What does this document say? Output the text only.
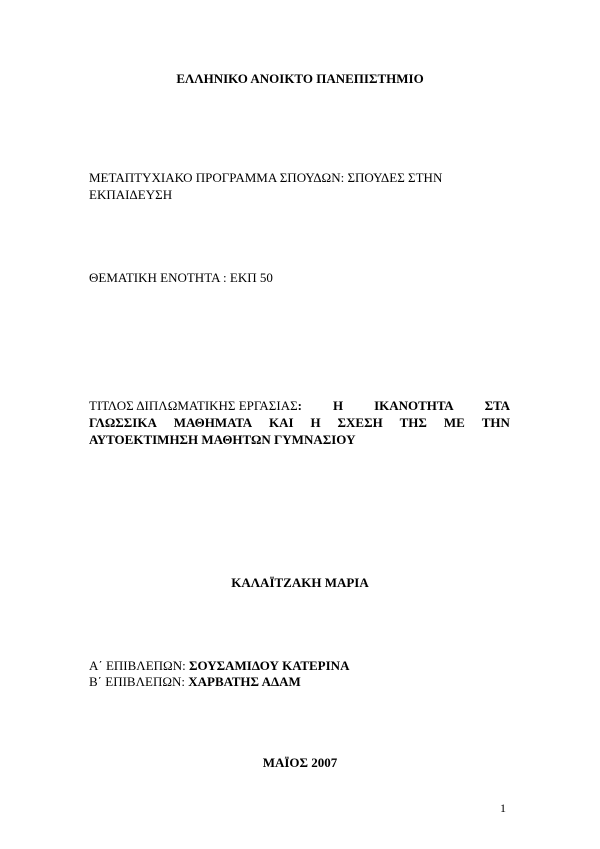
ΕΛΛΗΝΙΚΟ ΑΝΟΙΚΤΟ ΠΑΝΕΠΙΣΤΗΜΙΟ
ΜΕΤΑΠΤΥΧΙΑΚΟ ΠΡΟΓΡΑΜΜΑ ΣΠΟΥΔΩΝ: ΣΠΟΥΔΕΣ ΣΤΗΝ
ΕΚΠΑΙΔΕΥΣΗ
ΘΕΜΑΤΙΚΗ ΕΝΟΤΗΤΑ : ΕΚΠ 50
ΤΙΤΛΟΣ ΔΙΠΛΩΜΑΤΙΚΗΣ ΕΡΓΑΣΙΑΣ: Η ΙΚΑΝΟΤΗΤΑ ΣΤΑ
ΓΛΩΣΣΙΚΑ ΜΑΘΗΜΑΤΑ ΚΑΙ Η ΣΧΕΣΗ ΤΗΣ ΜΕ ΤΗΝ
ΑΥΤΟΕΚΤΙΜΗΣΗ ΜΑΘΗΤΩΝ ΓΥΜΝΑΣΙΟΥ
ΚΑΛΑΪΤΖΑΚΗ ΜΑΡΙΑ
Α΄ ΕΠΙΒΛΕΠΩΝ: ΣΟΥΣΑΜΙΔΟΥ ΚΑΤΕΡΙΝΑ
Β΄ ΕΠΙΒΛΕΠΩΝ: ΧΑΡΒΑΤΗΣ ΑΔΑΜ
ΜΑΪΟΣ 2007
1
